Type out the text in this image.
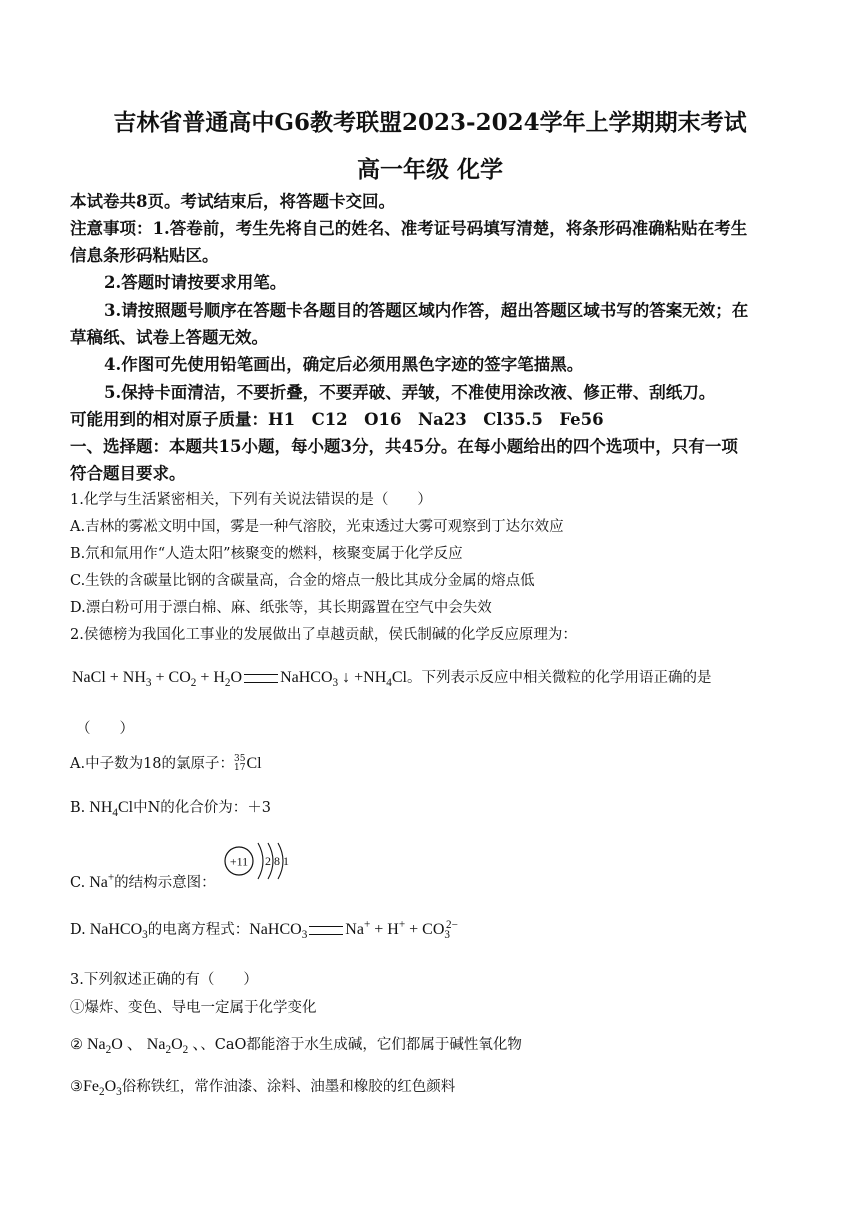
吉林省普通高中G6教考联盟2023-2024学年上学期期末考试
高一年级 化学
本试卷共8页。考试结束后，将答题卡交回。
注意事项：1.答卷前，考生先将自己的姓名、准考证号码填写清楚，将条形码准确粘贴在考生
信息条形码粘贴区。
2.答题时请按要求用笔。
3.请按照题号顺序在答题卡各题目的答题区域内作答，超出答题区域书写的答案无效；在
草稿纸、试卷上答题无效。
4.作图可先使用铅笔画出，确定后必须用黑色字迹的签字笔描黑。
5.保持卡面清洁，不要折叠，不要弄破、弄皱，不准使用涂改液、修正带、刮纸刀。
可能用到的相对原子质量：H1　C12　O16　Na23　Cl35.5　Fe56
一、选择题：本题共15小题，每小题3分，共45分。在每小题给出的四个选项中，只有一项
符合题目要求。
1.化学与生活紧密相关，下列有关说法错误的是（　　）
A.吉林的雾凇文明中国，雾是一种气溶胶，光束透过大雾可观察到丁达尔效应
B.氘和氚用作“人造太阳”核聚变的燃料，核聚变属于化学反应
C.生铁的含碳量比钢的含碳量高，合金的熔点一般比其成分金属的熔点低
D.漂白粉可用于漂白棉、麻、纸张等，其长期露置在空气中会失效
2.侯德榜为我国化工事业的发展做出了卓越贡献，侯氏制碱的化学反应原理为：
NaCl + $NH_3 + CO_2 + H_2O$ NaHCO$_3$ ↓ $+NH_4Cl$。下列表示反应中相关微粒的化学用语正确的是
（　　）
A.中子数为18的氯原子： 35
17 Cl
B. $NH_4Cl$中N的化合价为：＋3
+11 2 8 1
C. Na+的结构示意图：
D. NaHCO$_3$的电离方程式：NaHCO$_3$ $Na^+ + H^+ + CO_3^{2-}$
3.下列叙述正确的有（　　）
①爆炸、变色、导电一定属于化学变化
② $Na_2O$ 、 $Na_2O_2$ 、、CaO都能溶于水生成碱，它们都属于碱性氧化物
$③Fe_2O_3$俗称铁红，常作油漆、涂料、油墨和橡胶的红色颜料
